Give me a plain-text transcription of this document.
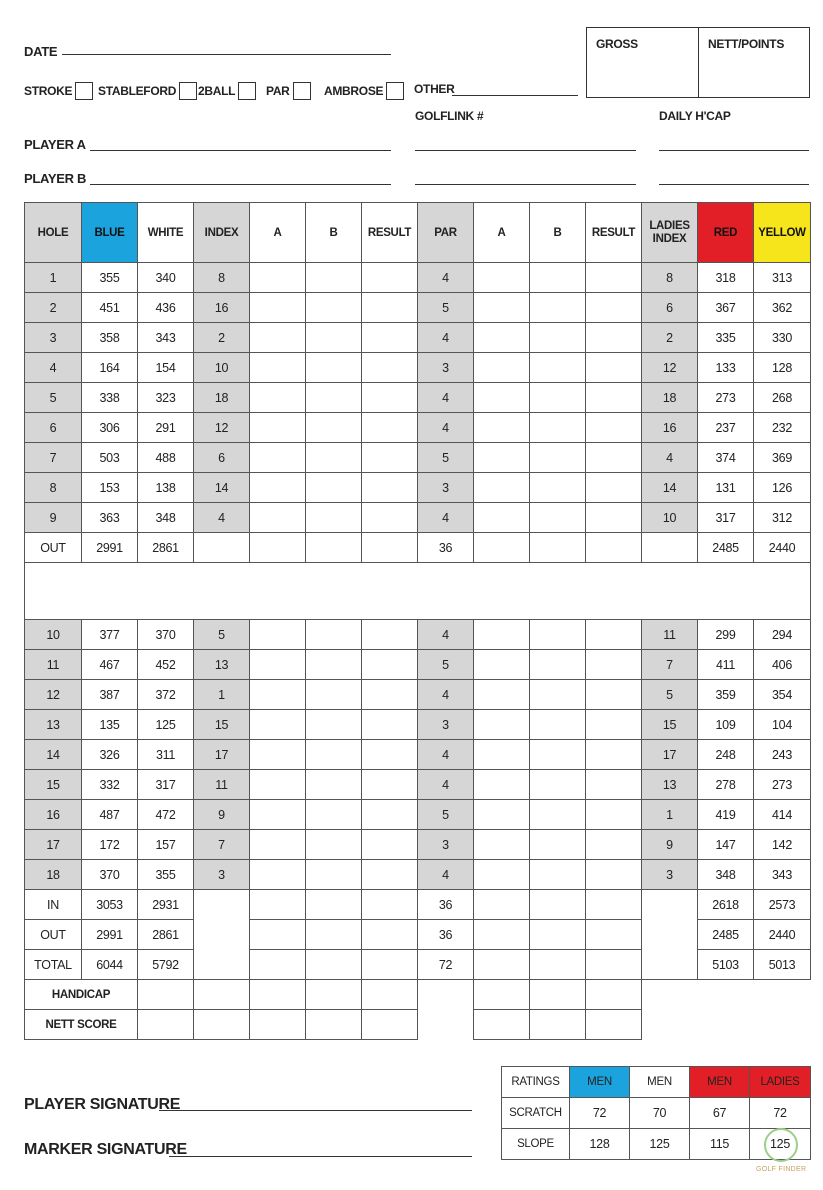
DATE
STROKE STABLEFORD 2BALL	PAR	AMBROSE	OTHER
GROSS	NETT/POINTS
GOLFLINK #	DAILY H'CAP
PLAYER A
PLAYER B
HOLE	BLUE	WHITE	INDEX	A	B	RESULT	PAR	A	B	RESULT	LADIES INDEX	RED	YELLOW
1	355	340	8				4				8	318	313
2	451	436	16				5				6	367	362
3	358	343	2				4				2	335	330
4	164	154	10				3				12	133	128
5	338	323	18				4				18	273	268
6	306	291	12				4				16	237	232
7	503	488	6				5				4	374	369
8	153	138	14				3				14	131	126
9	363	348	4				4				10	317	312
OUT	2991	2861					36					2485	2440

10	377	370	5				4				11	299	294
11	467	452	13				5				7	411	406
12	387	372	1				4				5	359	354
13	135	125	15				3				15	109	104
14	326	311	17				4				17	248	243
15	332	317	11				4				13	278	273
16	487	472	9				5				1	419	414
17	172	157	7				3				9	147	142
18	370	355	3				4				3	348	343
IN	3053	2931					36					2618	2573
OUT	2991	2861					36					2485	2440
TOTAL	6044	5792					72					5103	5013
HANDICAP													
NETT SCORE													
RATINGS	MEN	MEN	MEN	LADIES
SCRATCH	72	70	67	72
SLOPE	128	125	115	125
PLAYER SIGNATURE
MARKER SIGNATURE
GOLF FINDER
